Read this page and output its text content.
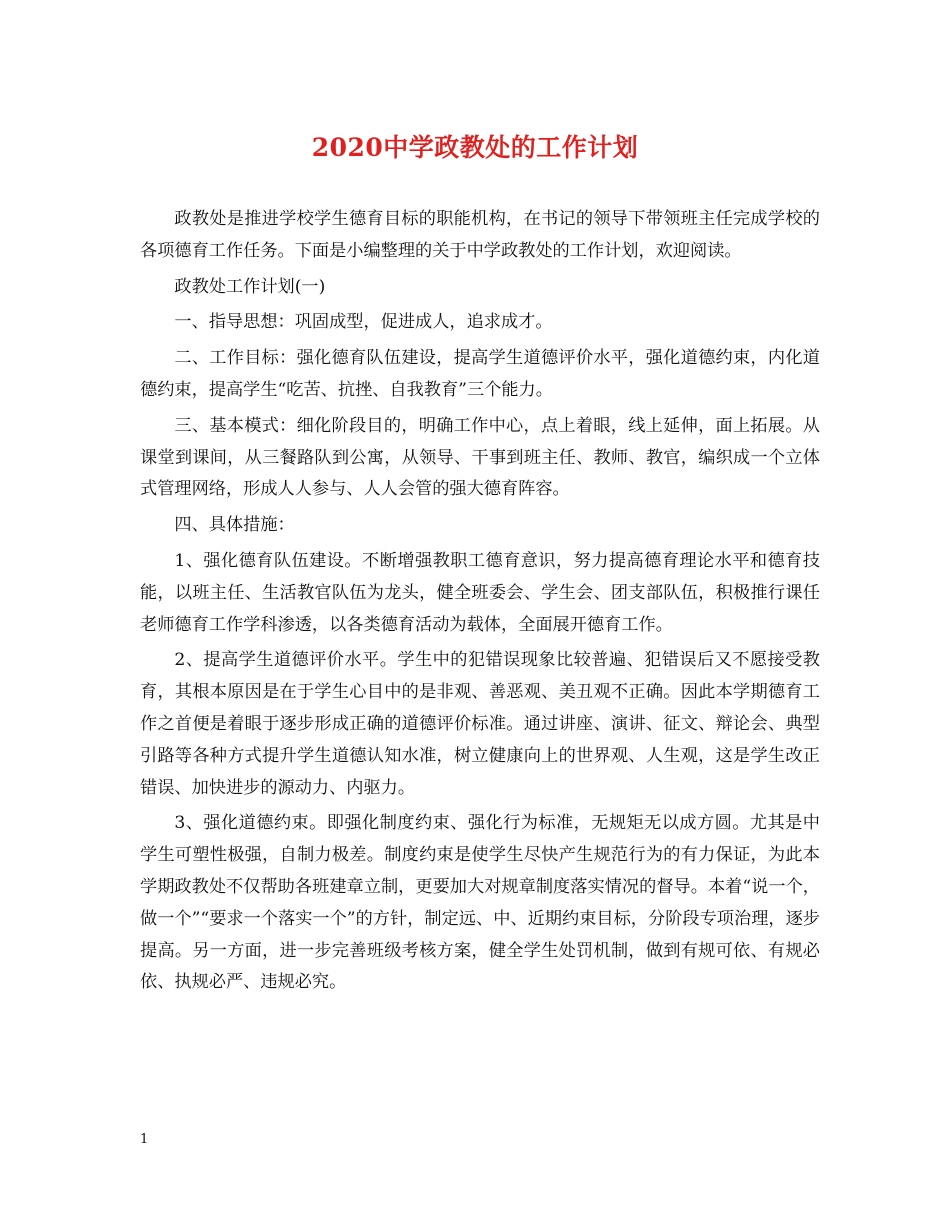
2020中学政教处的工作计划

政教处是推进学校学生德育目标的职能机构，在书记的领导下带领班主任完成学校的各项德育工作任务。下面是小编整理的关于中学政教处的工作计划，欢迎阅读。

政教处工作计划(一)

一、指导思想：巩固成型，促进成人，追求成才。

二、工作目标：强化德育队伍建设，提高学生道德评价水平，强化道德约束，内化道德约束，提高学生“吃苦、抗挫、自我教育”三个能力。

三、基本模式：细化阶段目的，明确工作中心，点上着眼，线上延伸，面上拓展。从课堂到课间，从三餐路队到公寓，从领导、干事到班主任、教师、教官，编织成一个立体式管理网络，形成人人参与、人人会管的强大德育阵容。

四、具体措施：

1、强化德育队伍建设。不断增强教职工德育意识，努力提高德育理论水平和德育技能，以班主任、生活教官队伍为龙头，健全班委会、学生会、团支部队伍，积极推行课任老师德育工作学科渗透，以各类德育活动为载体，全面展开德育工作。

2、提高学生道德评价水平。学生中的犯错误现象比较普遍、犯错误后又不愿接受教育，其根本原因是在于学生心目中的是非观、善恶观、美丑观不正确。因此本学期德育工作之首便是着眼于逐步形成正确的道德评价标准。通过讲座、演讲、征文、辩论会、典型引路等各种方式提升学生道德认知水准，树立健康向上的世界观、人生观，这是学生改正错误、加快进步的源动力、内驱力。

3、强化道德约束。即强化制度约束、强化行为标准，无规矩无以成方圆。尤其是中学生可塑性极强，自制力极差。制度约束是使学生尽快产生规范行为的有力保证，为此本学期政教处不仅帮助各班建章立制，更要加大对规章制度落实情况的督导。本着“说一个，做一个”“要求一个落实一个”的方针，制定远、中、近期约束目标，分阶段专项治理，逐步提高。另一方面，进一步完善班级考核方案，健全学生处罚机制，做到有规可依、有规必依、执规必严、违规必究。

1
